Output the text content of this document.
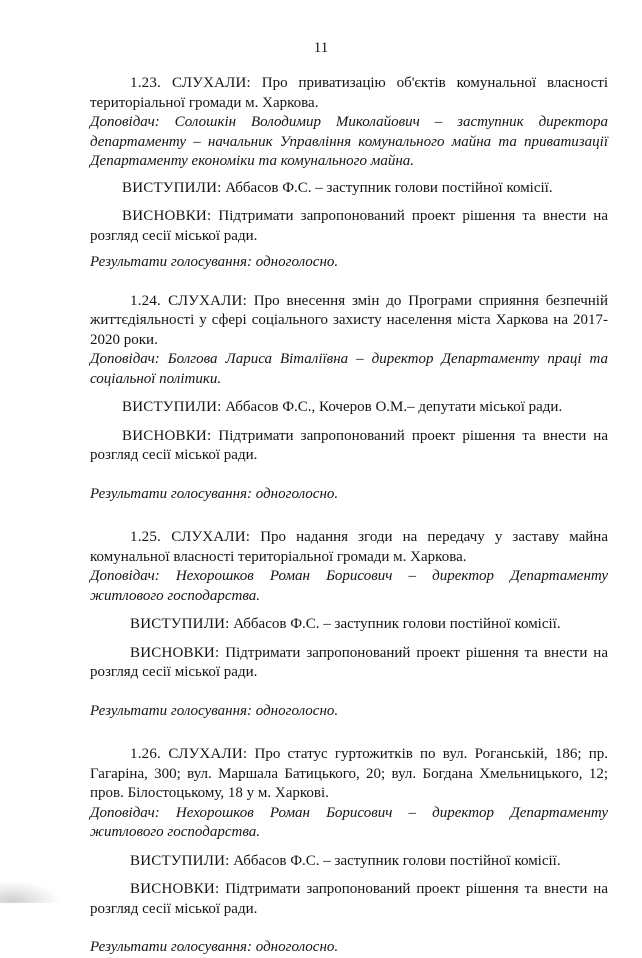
11

1.23. СЛУХАЛИ: Про приватизацію об'єктів комунальної власності територіальної громади м. Харкова.

Доповідач: Солошкін Володимир Миколайович – заступник директора департаменту – начальник Управління комунального майна та приватизації Департаменту економіки та комунального майна.

ВИСТУПИЛИ: Аббасов Ф.С. – заступник голови постійної комісії.

ВИСНОВКИ: Підтримати запропонований проект рішення та внести на розгляд сесії міської ради.

Результати голосування: одноголосно.

1.24. СЛУХАЛИ: Про внесення змін до Програми сприяння безпечній життєдіяльності у сфері соціального захисту населення міста Харкова на 2017-2020 роки.

Доповідач: Болгова Лариса Віталіївна – директор Департаменту праці та соціальної політики.

ВИСТУПИЛИ: Аббасов Ф.С., Кочеров О.М.– депутати міської ради.

ВИСНОВКИ: Підтримати запропонований проект рішення та внести на розгляд сесії міської ради.

Результати голосування: одноголосно.

1.25. СЛУХАЛИ: Про надання згоди на передачу у заставу майна комунальної власності територіальної громади м. Харкова.

Доповідач: Нехорошков Роман Борисович – директор Департаменту житлового господарства.

ВИСТУПИЛИ: Аббасов Ф.С. – заступник голови постійної комісії.

ВИСНОВКИ: Підтримати запропонований проект рішення та внести на розгляд сесії міської ради.

Результати голосування: одноголосно.

1.26. СЛУХАЛИ: Про статус гуртожитків по вул. Роганській, 186; пр. Гагаріна, 300; вул. Маршала Батицького, 20; вул. Богдана Хмельницького, 12; пров. Білостоцькому, 18 у м. Харкові.

Доповідач: Нехорошков Роман Борисович – директор Департаменту житлового господарства.

ВИСТУПИЛИ: Аббасов Ф.С. – заступник голови постійної комісії.

ВИСНОВКИ: Підтримати запропонований проект рішення та внести на розгляд сесії міської ради.

Результати голосування: одноголосно.
